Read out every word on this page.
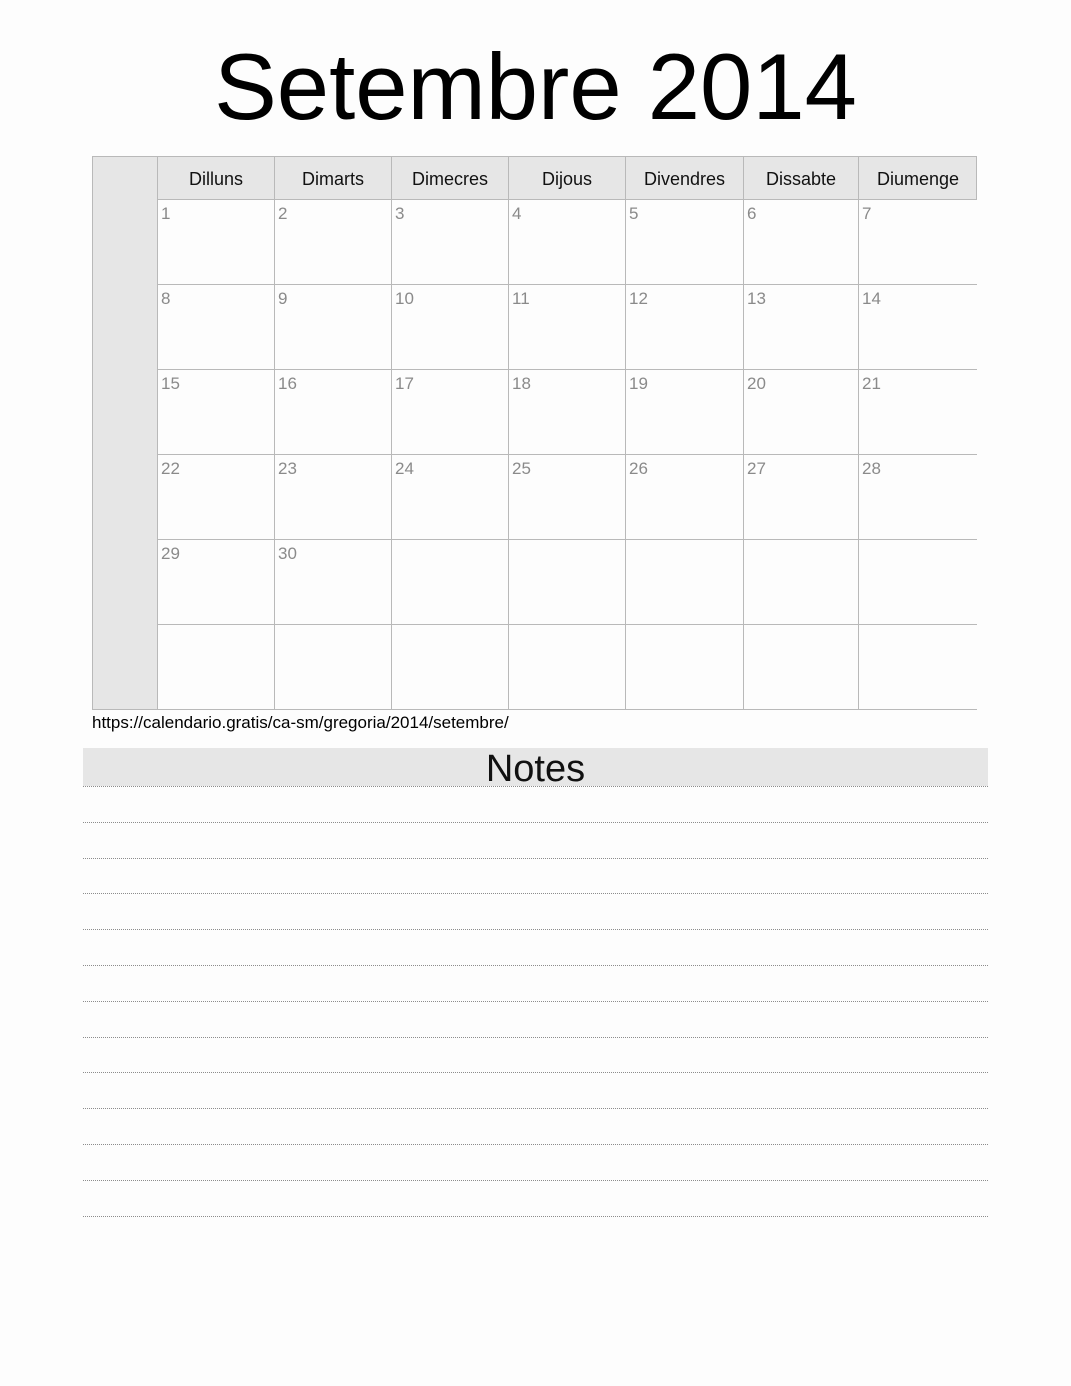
Setembre 2014
Dilluns	Dimarts	Dimecres	Dijous	Divendres	Dissabte	Diumenge
1	2	3	4	5	6	7
8	9	10	11	12	13	14
15	16	17	18	19	20	21
22	23	24	25	26	27	28
29	30
https://calendario.gratis/ca-sm/gregoria/2014/setembre/
Notes
